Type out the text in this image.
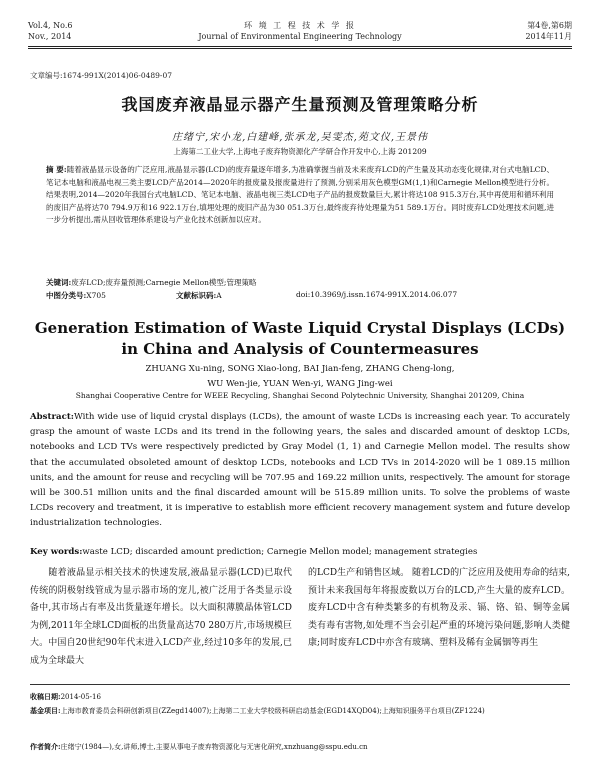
Vol.4, No.6
Nov., 2014
环 境 工 程 技 术 学 报
Journal of Environmental Engineering Technology
第4卷,第6期
2014年11月
文章编号:1674-991X(2014)06-0489-07
我国废弃液晶显示器产生量预测及管理策略分析
庄绪宁,宋小龙,白建峰,张承龙,吴雯杰,苑文仪,王景伟
上海第二工业大学,上海电子废弃物资源化产学研合作开发中心,上海 201209
摘 要:随着液晶显示设备的广泛应用,液晶显示器(LCD)的废弃量逐年增多,为准确掌握当前及未来废弃LCD的产生量及其动态变化规律,对台式电脑LCD、笔记本电脑和液晶电视三类主要LCD产品2014—2020年的报废量及报废量进行了预测,分别采用灰色模型GM(1,1)和Carnegie Mellon模型进行分析。结果表明,2014—2020年我国台式电脑LCD、笔记本电脑、液晶电视三类LCD电子产品的报废数量巨大,累计将达108 915.3万台,其中再使用和循环利用的废旧产品将达70 794.9万和16 922.1万台,填埋处理的废旧产品为30 051.3万台,最终废弃待处理量为51 589.1万台。同时废弃LCD处理技术问题,进一步分析提出,需从回收管理体系建设与产业化技术创新加以应对。
关键词:废弃LCD;废弃量预测;Carnegie Mellon模型;管理策略
中图分类号:X705	文献标识码:A	doi:10.3969/j.issn.1674-991X.2014.06.077
Generation Estimation of Waste Liquid Crystal Displays (LCDs)
in China and Analysis of Countermeasures
ZHUANG Xu-ning, SONG Xiao-long, BAI Jian-feng, ZHANG Cheng-long,
WU Wen-jie, YUAN Wen-yi, WANG Jing-wei
Shanghai Cooperative Centre for WEEE Recycling, Shanghai Second Polytechnic University, Shanghai 201209, China
Abstract:With wide use of liquid crystal displays (LCDs), the amount of waste LCDs is increasing each year. To accurately grasp the amount of waste LCDs and its trend in the following years, the sales and discarded amount of desktop LCDs, notebooks and LCD TVs were respectively predicted by Gray Model (1, 1) and Carnegie Mellon model. The results show that the accumulated obsoleted amount of desktop LCDs, notebooks and LCD TVs in 2014-2020 will be 1 089.15 million units, and the amount for reuse and recycling will be 707.95 and 169.22 million units, respectively. The amount for storage will be 300.51 million units and the final discarded amount will be 515.89 million units. To solve the problems of waste LCDs recovery and treatment, it is imperative to establish more efficient recovery management system and future develop industrialization technologies.
Key words:waste LCD; discarded amount prediction; Carnegie Mellon model; management strategies
随着液晶显示相关技术的快速发展,液晶显示器(LCD)已取代传统的阴极射线管成为显示器市场的宠儿,被广泛用于各类显示设备中,其市场占有率及出货量逐年增长。以大面积薄膜晶体管LCD为例,2011年全球LCD面板的出货量高达70 280万片,市场规模巨大。中国自20世纪90年代末进入LCD产业,经过10多年的发展,已成为全球最大
的LCD生产和销售区域。 随着LCD的广泛应用及使用寿命的结束,预计未来我国每年将报废数以万台的LCD,产生大量的废弃LCD。废弃LCD中含有种类繁多的有机物及汞、镉、铬、铅、铜等金属类有毒有害物,如处理不当会引起严重的环境污染问题,影响人类健康;同时废弃LCD中亦含有玻璃、塑料及稀有金属铟等再生
收稿日期:2014-05-16
基金项目:上海市教育委员会科研创新项目(ZZegd14007);上海第二工业大学校级科研启动基金(EGD14XQD04);上海知识服务平台项目(ZF1224)
作者简介:庄绪宁(1984—),女,讲师,博士,主要从事电子废弃物资源化与无害化研究,xnzhuang@sspu.edu.cn
